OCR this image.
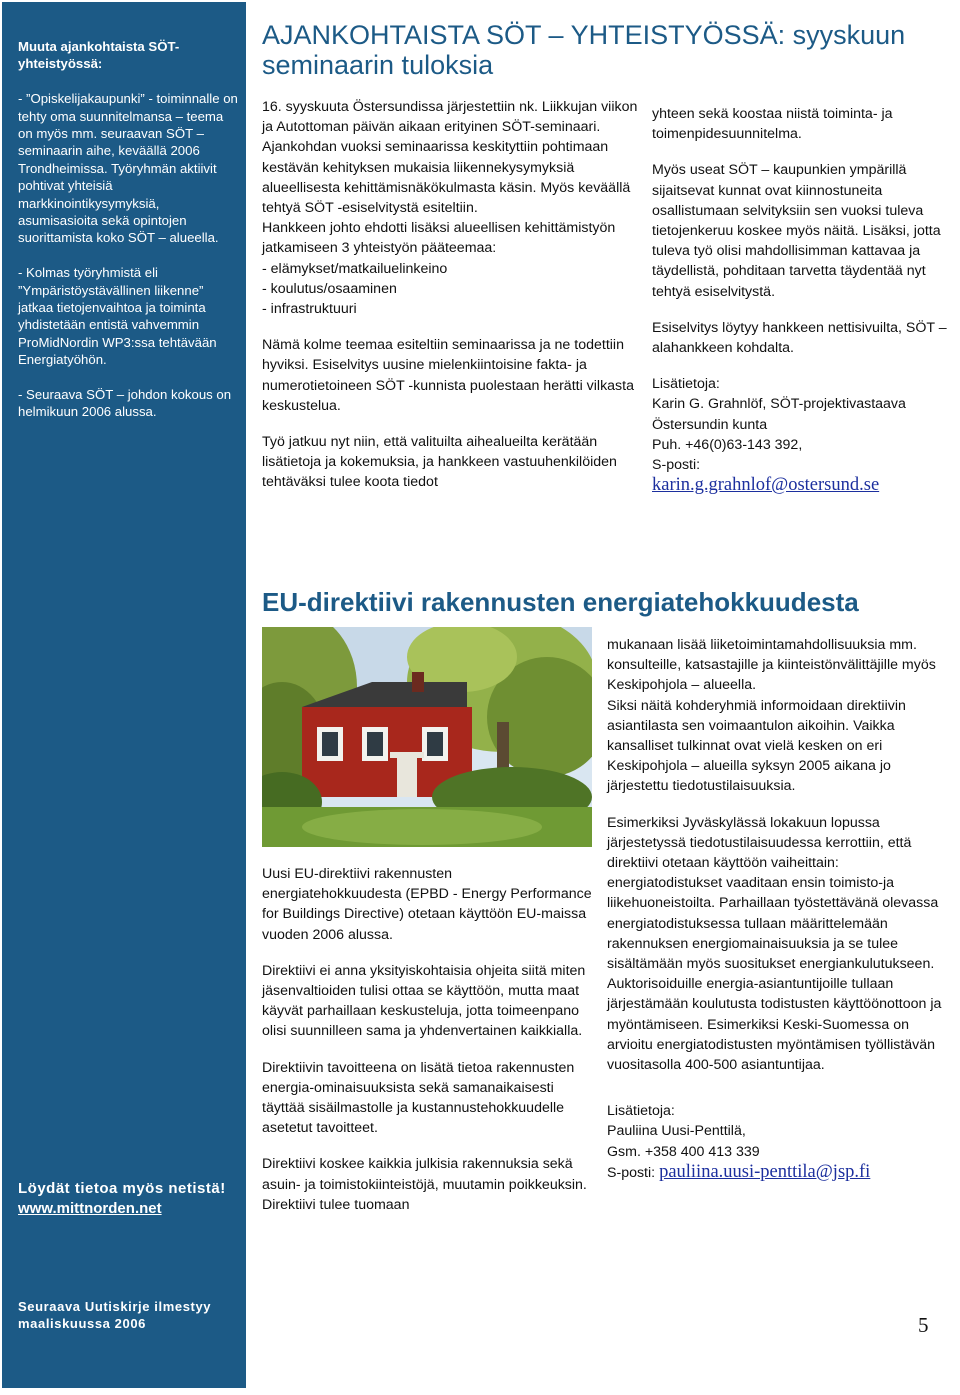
Muuta ajankohtaista SÖT-yhteistyössä:

- ”Opiskelijakaupunki” - toiminnalle on tehty oma suunnitelmansa – teema on myös mm. seuraavan SÖT – seminaarin aihe, keväällä 2006 Trondheimissa. Työryhmän aktiivit pohtivat yhteisiä markkinointikysymyksiä, asumisasioita sekä opintojen suorittamista koko SÖT – alueella.

- Kolmas työryhmistä eli ”Ympäristöystävällinen liikenne” jatkaa tietojenvaihtoa ja toiminta yhdistetään entistä vahvemmin ProMidNordin WP3:ssa tehtävään Energiatyöhön.

- Seuraava SÖT – johdon kokous on helmikuun 2006 alussa.

Löydät tietoa myös netistä!

www.mittnorden.net

Seuraava Uutiskirje ilmestyy maaliskuussa 2006

AJANKOHTAISTA SÖT – YHTEISTYÖSSÄ: syyskuun seminaarin tuloksia

16. syyskuuta Östersundissa järjestettiin nk. Liikkujan viikon ja Autottoman päivän aikaan erityinen SÖT-seminaari. Ajankohdan vuoksi seminaarissa keskityttiin pohtimaan kestävän kehityksen mukaisia liikennekysymyksiä alueellisesta kehittämisnäkökulmasta käsin. Myös keväällä tehtyä SÖT -esiselvitystä esiteltiin.

Hankkeen johto ehdotti lisäksi alueellisen kehittämistyön jatkamiseen 3 yhteistyön pääteemaa:

- elämykset/matkailuelinkeino

- koulutus/osaaminen

- infrastruktuuri

Nämä kolme teemaa esiteltiin seminaarissa ja ne todettiin hyviksi. Esiselvitys uusine mielenkiintoisine fakta- ja numerotietoineen SÖT -kunnista puolestaan herätti vilkasta keskustelua.

Työ jatkuu nyt niin, että valituilta aihealueilta kerätään lisätietoja ja kokemuksia, ja hankkeen vastuuhenkilöiden tehtäväksi tulee koota tiedot

yhteen sekä koostaa niistä toiminta- ja toimenpidesuunnitelma.

Myös useat SÖT – kaupunkien ympärillä sijaitsevat kunnat ovat kiinnostuneita osallistumaan selvityksiin sen vuoksi tuleva tietojenkeruu koskee myös näitä. Lisäksi, jotta tuleva työ olisi mahdollisimman kattavaa ja täydellistä, pohditaan tarvetta täydentää nyt tehtyä esiselvitystä.

Esiselvitys löytyy hankkeen nettisivuilta, SÖT – alahankkeen kohdalta.

Lisätietoja:

Karin G. Grahnlöf, SÖT-projektivastaava

Östersundin kunta

Puh. +46(0)63-143 392,

S-posti:

karin.g.grahnlof@ostersund.se

EU-direktiivi rakennusten energiatehokkuudesta

Uusi EU-direktiivi rakennusten energiatehokkuudesta (EPBD - Energy Performance for Buildings Directive) otetaan käyttöön EU-maissa vuoden 2006 alussa.

Direktiivi ei anna yksityiskohtaisia ohjeita siitä miten jäsenvaltioiden tulisi ottaa se käyttöön, mutta maat käyvät parhaillaan keskusteluja, jotta toimeenpano olisi suunnilleen sama ja yhdenvertainen kaikkialla.

Direktiivin tavoitteena on lisätä tietoa rakennusten energia-ominaisuuksista sekä samanaikaisesti täyttää sisäilmastolle ja kustannustehokkuudelle asetetut tavoitteet.

Direktiivi koskee kaikkia julkisia rakennuksia sekä asuin- ja toimistokiinteistöjä, muutamin poikkeuksin. Direktiivi tulee tuomaan

mukanaan lisää liiketoimintamahdollisuuksia mm. konsulteille, katsastajille ja kiinteistönvälittäjille myös Keskipohjola – alueella.

Siksi näitä kohderyhmiä informoidaan direktiivin asiantilasta sen voimaantulon aikoihin. Vaikka kansalliset tulkinnat ovat vielä kesken on eri Keskipohjola – alueilla syksyn 2005 aikana jo järjestettu tiedotustilaisuuksia.

Esimerkiksi Jyväskylässä lokakuun lopussa järjestetyssä tiedotustilaisuudessa kerrottiin, että direktiivi otetaan käyttöön vaiheittain: energiatodistukset vaaditaan ensin toimisto-ja liikehuoneistoilta. Parhaillaan työstettävänä olevassa energiatodistuksessa tullaan määrittelemään rakennuksen energiomainaisuuksia ja se tulee sisältämään myös suositukset energiankulutukseen. Auktorisoiduille energia-asiantuntijoille tullaan järjestämään koulutusta todistusten käyttöönottoon ja myöntämiseen. Esimerkiksi Keski-Suomessa on arvioitu energiatodistusten myöntämisen työllistävän vuositasolla 400-500 asiantuntijaa.

Lisätietoja:

Pauliina Uusi-Penttilä,

Gsm. +358 400 413 339

S-posti: pauliina.uusi-penttila@jsp.fi

5
